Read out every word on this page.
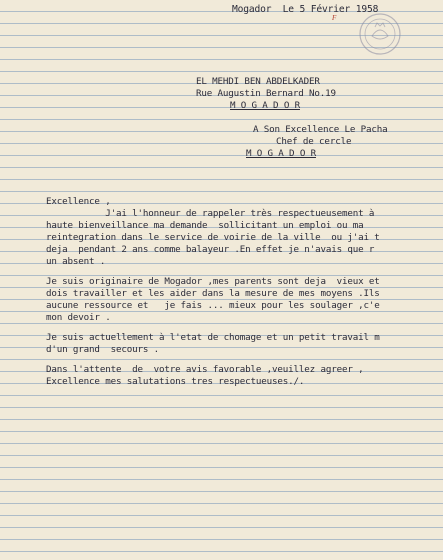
F
Mogador  Le 5 Février 1958
EL MEHDI BEN ABDELKADER
Rue Augustin Bernard No.19
M O G A D O R
A Son Excellence Le Pacha
Chef de cercle
M O G A D O R
Excellence ,
J'ai l'honneur de rappeler très respectueusement à
haute bienveillance ma demande  sollicitant un emploi ou ma
reintegration dans le service de voirie de la ville  ou j'ai t
deja  pendant 2 ans comme balayeur .En effet je n'avais que r
un absent .
Je suis originaire de Mogador ,mes parents sont deja  vieux et
dois travailler et les aider dans la mesure de mes moyens .Ils
aucune ressource et   je fais ... mieux pour les soulager ,c'e
mon devoir .
Je suis actuellement à l'etat de chomage et un petit travail m
d'un grand  secours .
Dans l'attente  de  votre avis favorable ,veuillez agreer ,
Excellence mes salutations tres respectueuses./.
